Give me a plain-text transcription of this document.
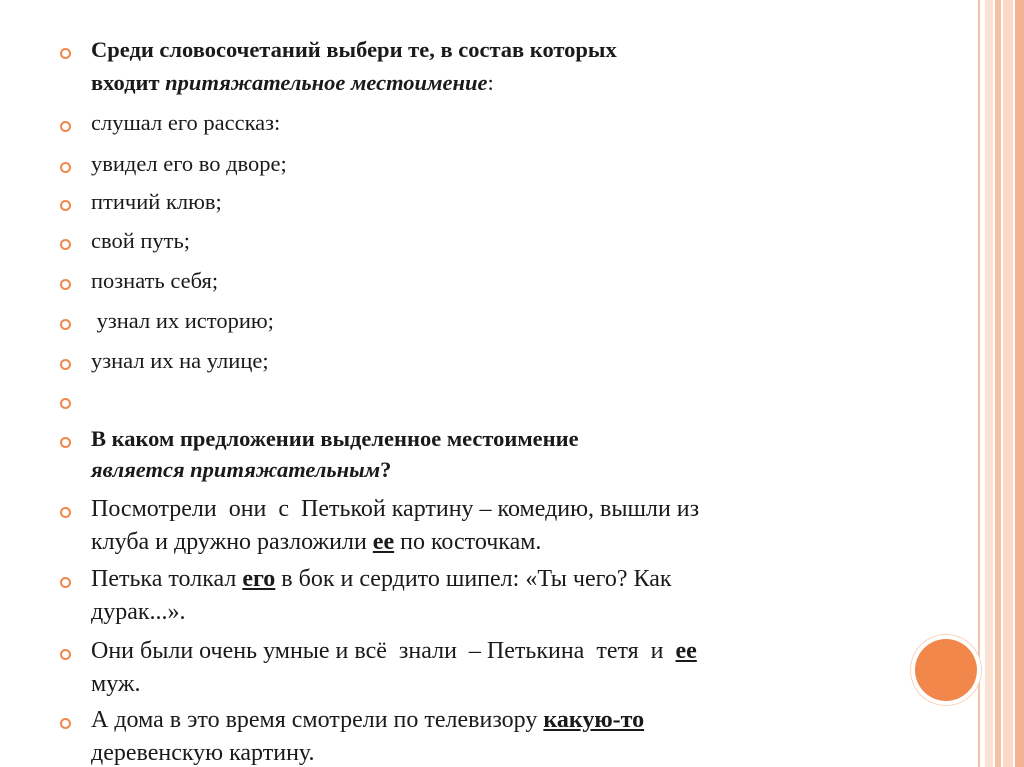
Среди словосочетаний выбери те, в состав которых
входит притяжательное местоимение:
слушал его рассказ:
увидел его во дворе;
птичий клюв;
свой путь;
познать себя;
узнал их историю;
узнал их на улице;
В каком предложении выделенное местоимение
является притяжательным?
Посмотрели  они  с  Петькой картину – комедию, вышли из
клуба и дружно разложили ее по косточкам.
Петька толкал его в бок и сердито шипел: «Ты чего? Как
дурак...».
Они были очень умные и всё  знали  – Петькина  тетя  и  ее
муж.
А дома в это время смотрели по телевизору какую-то
деревенскую картину.
